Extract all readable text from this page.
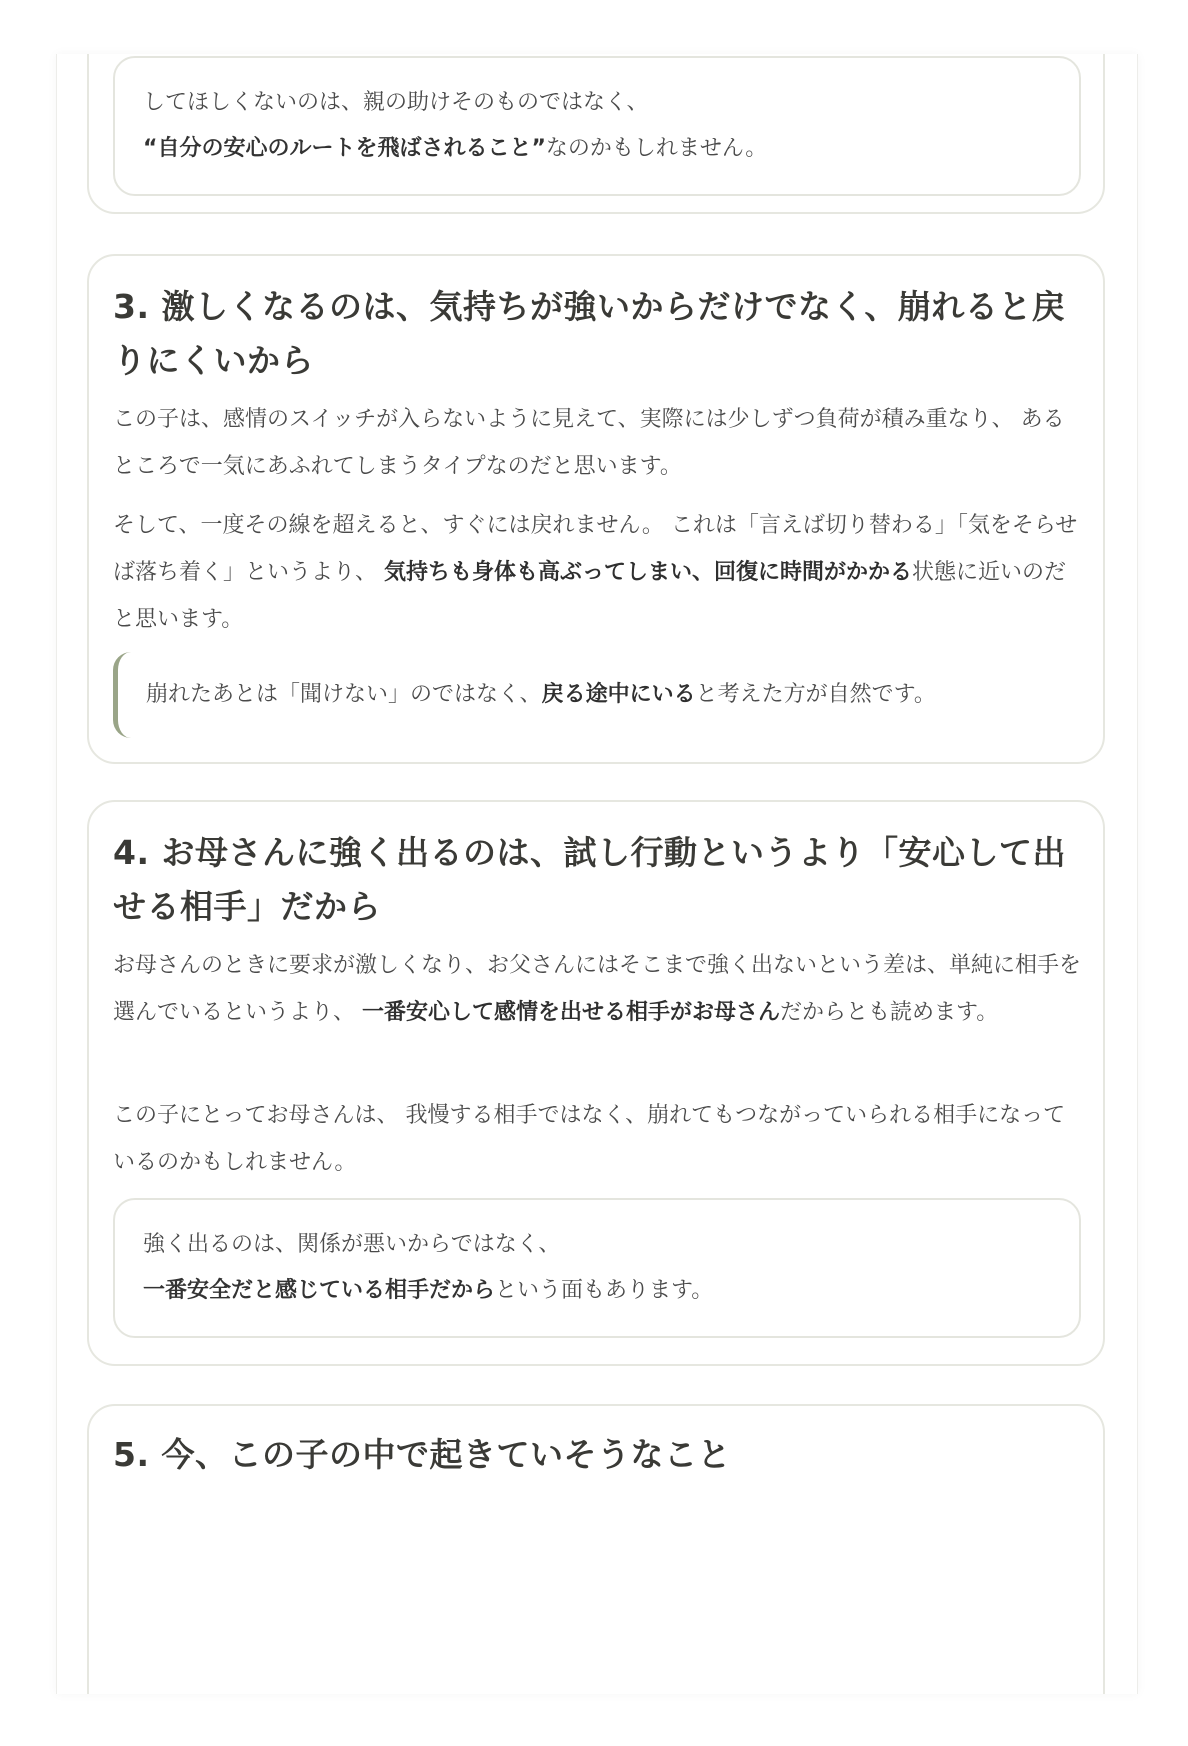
してほしくないのは、親の助けそのものではなく、
“自分の安心のルートを飛ばされること”なのかもしれません。
3. 激しくなるのは、気持ちが強いからだけでなく、崩れると戻りにくいから

この子は、感情のスイッチが入らないように見えて、実際には少しずつ負荷が積み重なり、 あるところで一気にあふれてしまうタイプなのだと思います。

そして、一度その線を超えると、すぐには戻れません。 これは「言えば切り替わる」「気をそらせば落ち着く」というより、 気持ちも身体も高ぶってしまい、回復に時間がかかる状態に近いのだと思います。

崩れたあとは「聞けない」のではなく、戻る途中にいると考えた方が自然です。
4. お母さんに強く出るのは、試し行動というより「安心して出せる相手」だから

お母さんのときに要求が激しくなり、お父さんにはそこまで強く出ないという差は、単純に相手を選んでいるというより、 一番安心して感情を出せる相手がお母さんだからとも読めます。

この子にとってお母さんは、 我慢する相手ではなく、崩れてもつながっていられる相手になっているのかもしれません。

強く出るのは、関係が悪いからではなく、
一番安全だと感じている相手だからという面もあります。
5. 今、この子の中で起きていそうなこと
